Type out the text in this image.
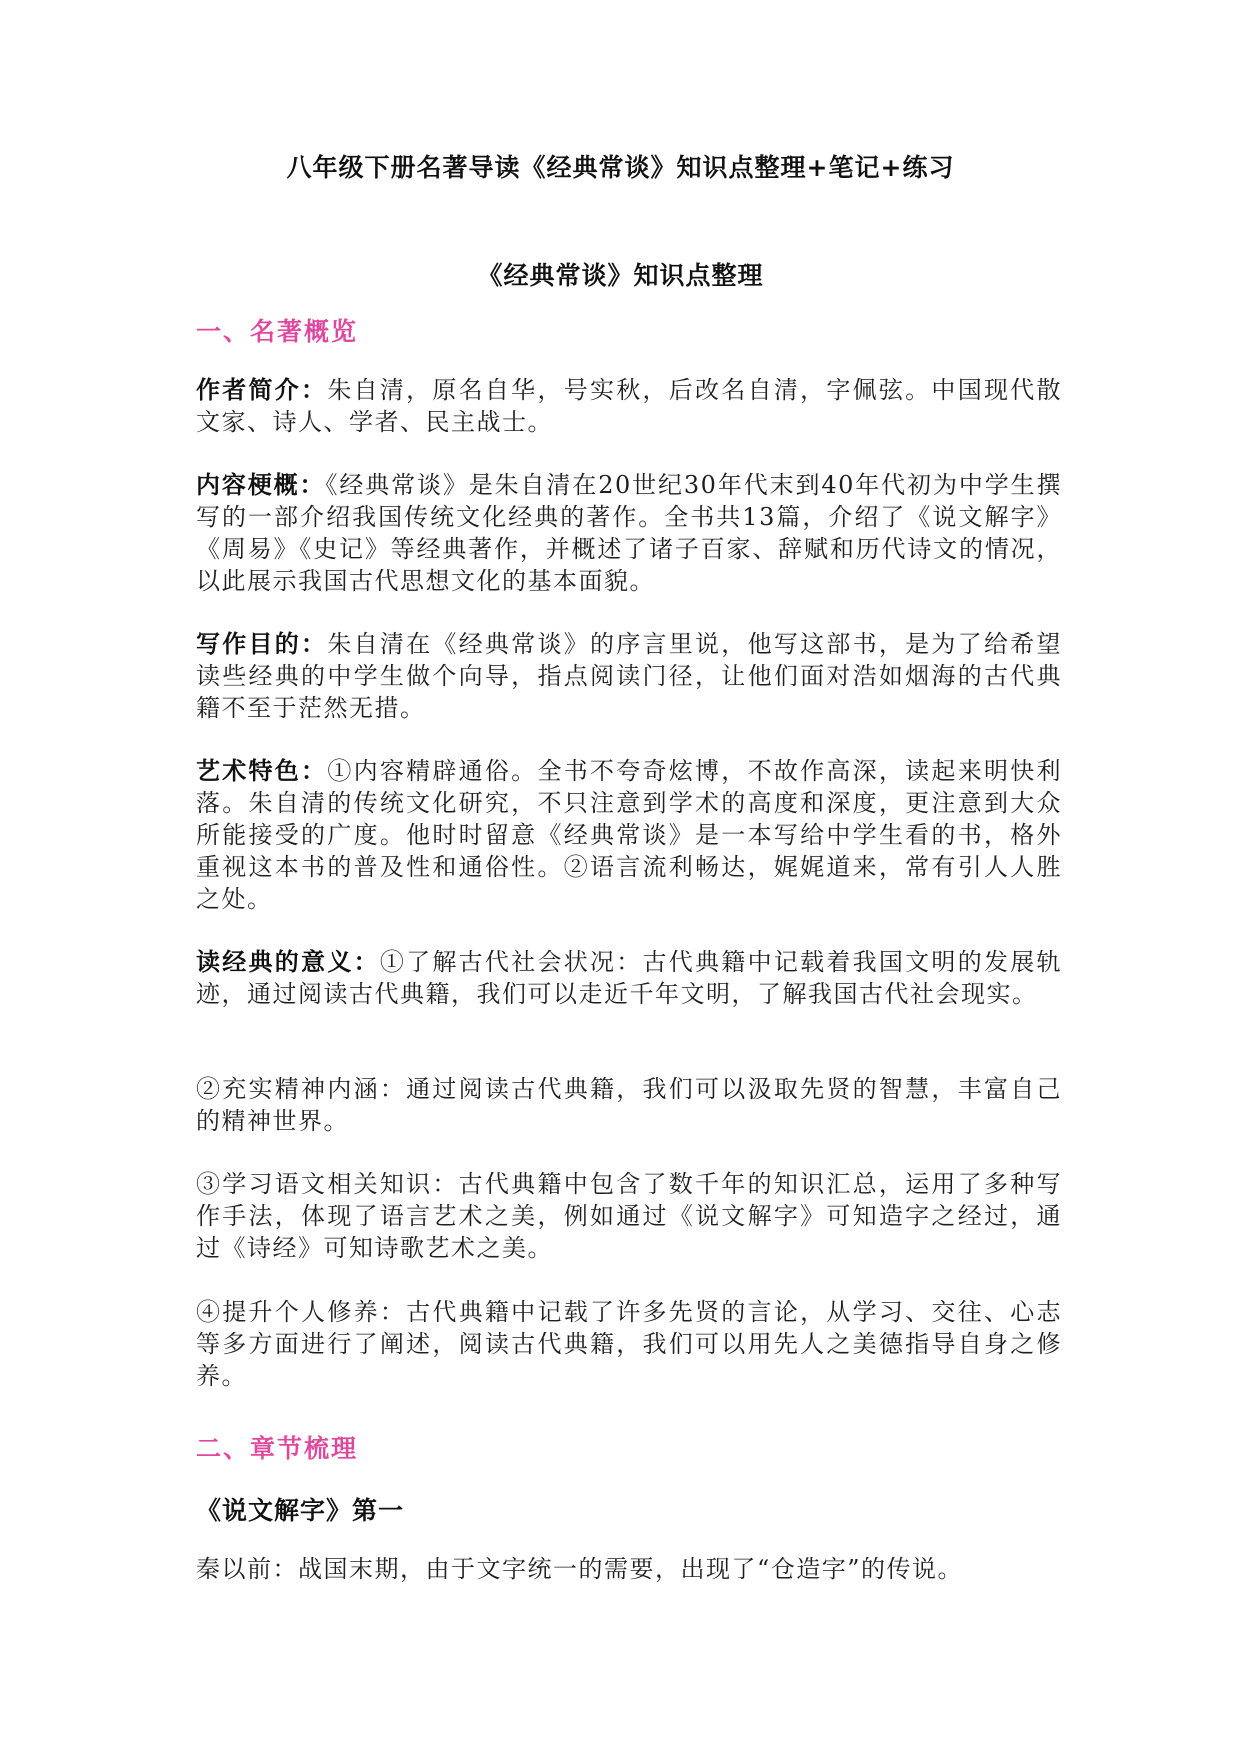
八年级下册名著导读《经典常谈》知识点整理+笔记+练习
《经典常谈》知识点整理
一、名著概览
作者简介：朱自清，原名自华，号实秋，后改名自清，字佩弦。中国现代散文家、诗人、学者、民主战士。
内容梗概：《经典常谈》是朱自清在20世纪30年代末到40年代初为中学生撰写的一部介绍我国传统文化经典的著作。全书共13篇，介绍了《说文解字》《周易》《史记》等经典著作，并概述了诸子百家、辞赋和历代诗文的情况，以此展示我国古代思想文化的基本面貌。
写作目的：朱自清在《经典常谈》的序言里说，他写这部书，是为了给希望读些经典的中学生做个向导，指点阅读门径，让他们面对浩如烟海的古代典籍不至于茫然无措。
艺术特色：①内容精辟通俗。全书不夸奇炫博，不故作高深，读起来明快利落。朱自清的传统文化研究，不只注意到学术的高度和深度，更注意到大众所能接受的广度。他时时留意《经典常谈》是一本写给中学生看的书，格外重视这本书的普及性和通俗性。②语言流利畅达，娓娓道来，常有引人人胜之处。
读经典的意义：①了解古代社会状况：古代典籍中记载着我国文明的发展轨迹，通过阅读古代典籍，我们可以走近千年文明，了解我国古代社会现实。
②充实精神内涵：通过阅读古代典籍，我们可以汲取先贤的智慧，丰富自己的精神世界。
③学习语文相关知识：古代典籍中包含了数千年的知识汇总，运用了多种写作手法，体现了语言艺术之美，例如通过《说文解字》可知造字之经过，通过《诗经》可知诗歌艺术之美。
④提升个人修养：古代典籍中记载了许多先贤的言论，从学习、交往、心志等多方面进行了阐述，阅读古代典籍，我们可以用先人之美德指导自身之修养。
二、章节梳理
《说文解字》第一
秦以前：战国末期，由于文字统一的需要，出现了“仓造字”的传说。
